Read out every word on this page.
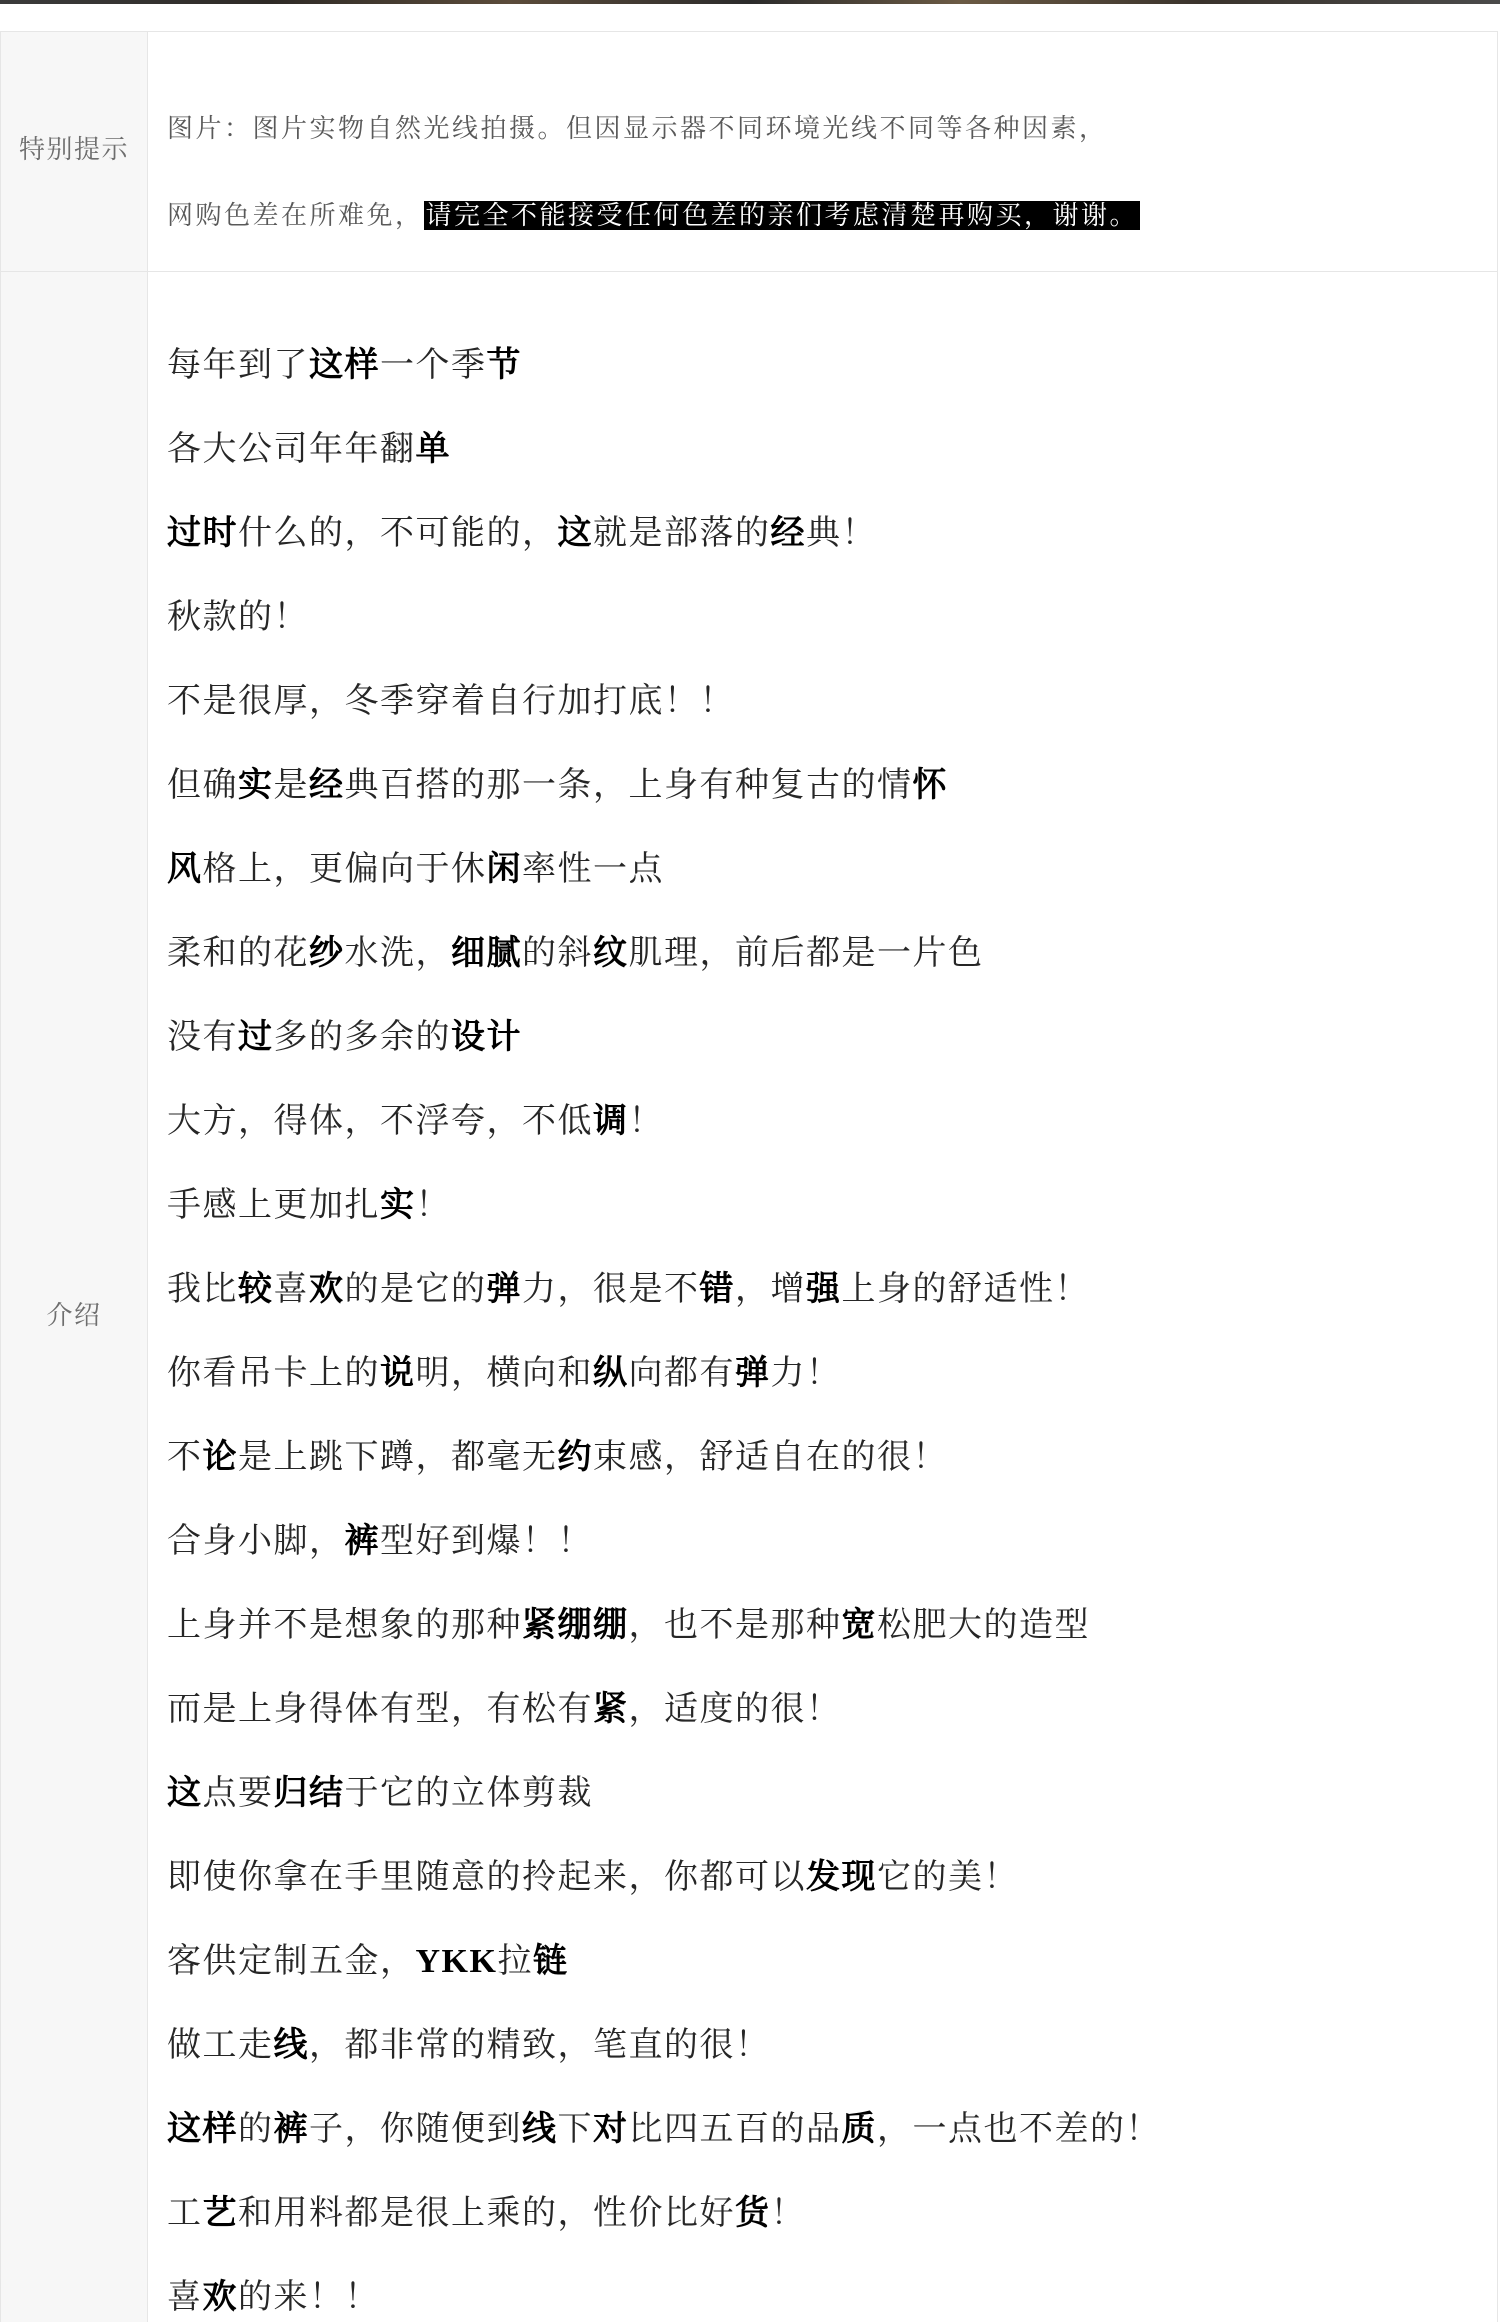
特别提示
图片：图片实物自然光线拍摄。但因显示器不同环境光线不同等各种因素，
网购色差在所难免，请完全不能接受任何色差的亲们考虑清楚再购买，谢谢。
介绍
每年到了这样一个季节
各大公司年年翻单
过时什么的，不可能的，这就是部落的经典！
秋款的！
不是很厚，冬季穿着自行加打底！！
但确实是经典百搭的那一条，上身有种复古的情怀
风格上，更偏向于休闲率性一点
柔和的花纱水洗，细腻的斜纹肌理，前后都是一片色
没有过多的多余的设计
大方，得体，不浮夸，不低调！
手感上更加扎实！
我比较喜欢的是它的弹力，很是不错，增强上身的舒适性！
你看吊卡上的说明，横向和纵向都有弹力！
不论是上跳下蹲，都毫无约束感，舒适自在的很！
合身小脚，裤型好到爆！！
上身并不是想象的那种紧绷绷，也不是那种宽松肥大的造型
而是上身得体有型，有松有紧，适度的很！
这点要归结于它的立体剪裁
即使你拿在手里随意的拎起来，你都可以发现它的美！
客供定制五金，YKK拉链
做工走线，都非常的精致，笔直的很！
这样的裤子，你随便到线下对比四五百的品质，一点也不差的！
工艺和用料都是很上乘的，性价比好货！
喜欢的来！！
